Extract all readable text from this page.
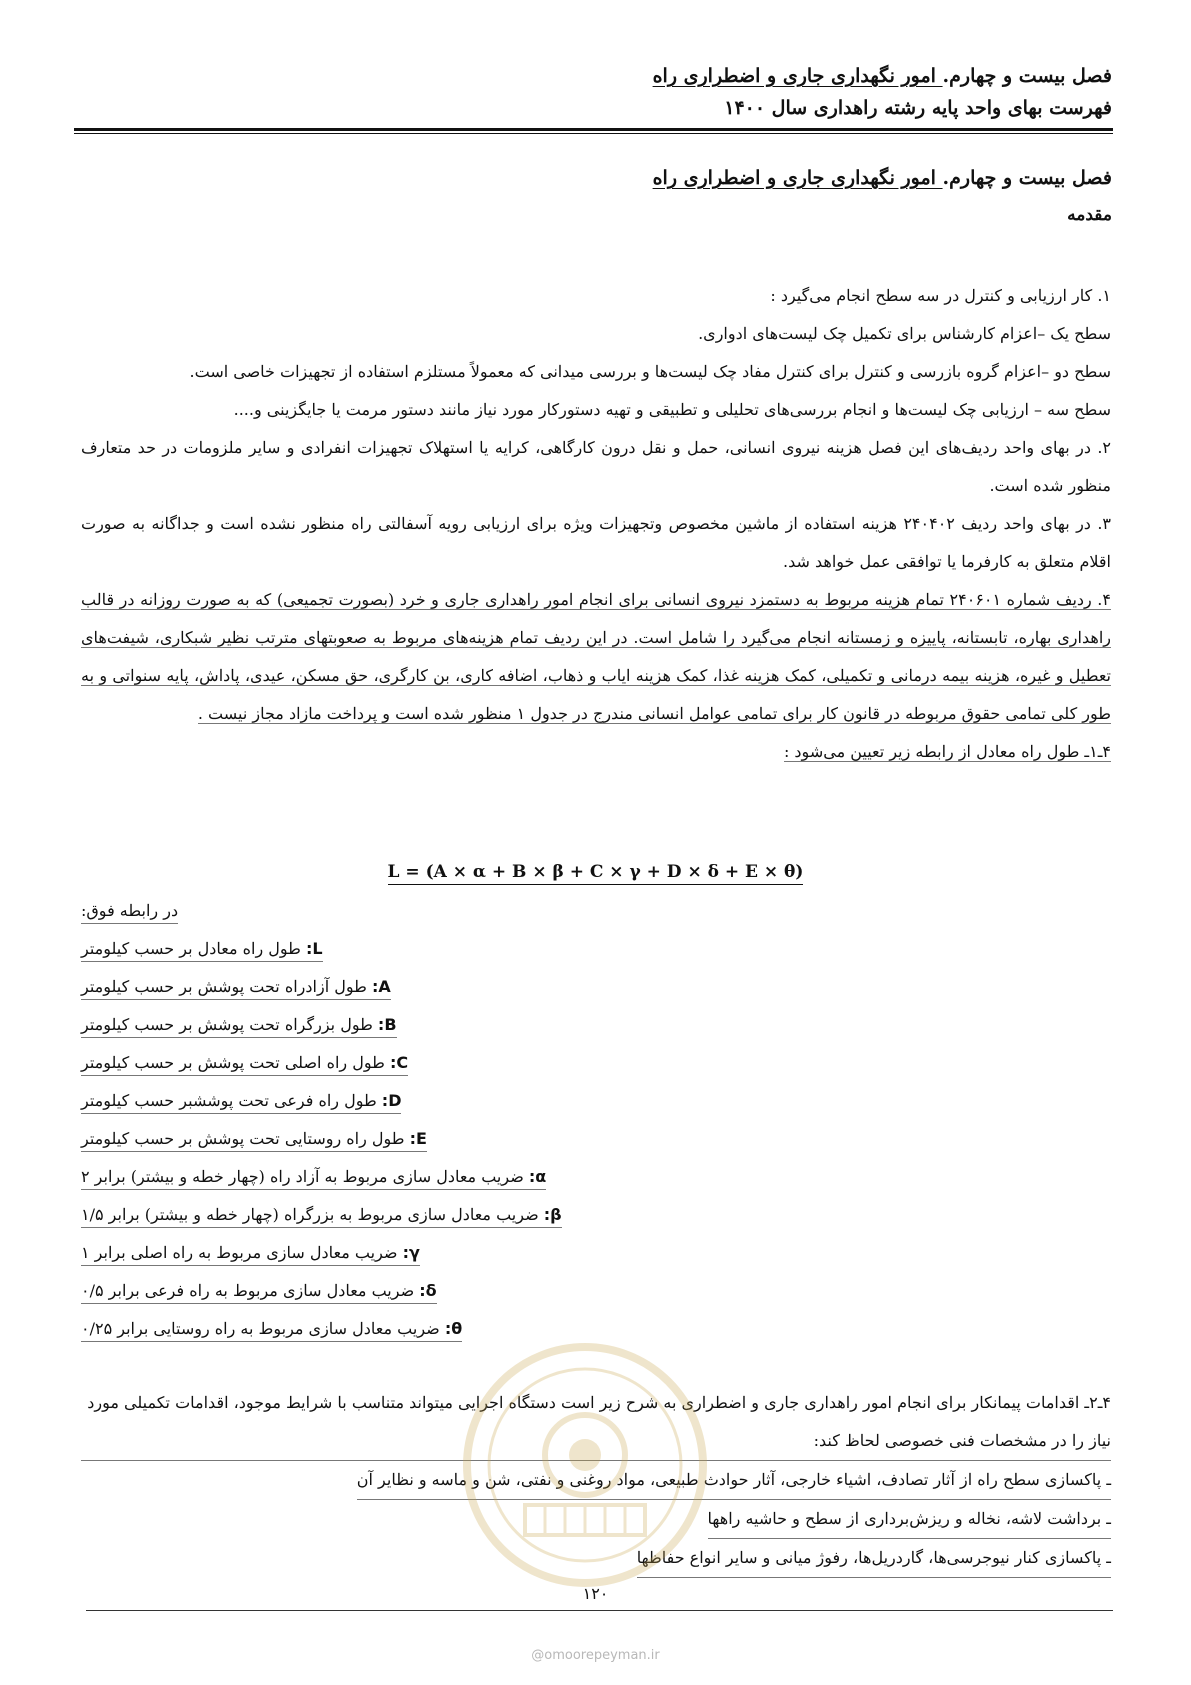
فصل بیست و چهارم. امور نگهداری جاری و اضطراری راه
فهرست بهای واحد پایه رشته راهداری سال ۱۴۰۰
فصل بیست و چهارم. امور نگهداری جاری و اضطراری راه
مقدمه

۱. کار ارزیابی و کنترل در سه سطح انجام می‌گیرد :

سطح یک –اعزام کارشناس برای تکمیل چک لیست‌های ادواری.

سطح دو –اعزام گروه بازرسی و کنترل برای کنترل مفاد چک لیست‌ها و بررسی میدانی که معمولاً مستلزم استفاده از تجهیزات خاصی است.

سطح سه – ارزیابی چک لیست‌ها و انجام بررسی‌های تحلیلی و تطبیقی و تهیه دستورکار مورد نیاز مانند دستور مرمت یا جایگزینی و....

۲. در بهای واحد ردیف‌های این فصل هزینه نیروی انسانی، حمل و نقل درون کارگاهی، کرایه یا استهلاک تجهیزات انفرادی و سایر ملزومات در حد متعارف منظور شده است.

۳. در بهای واحد ردیف ۲۴۰۴۰۲ هزینه استفاده از ماشین مخصوص وتجهیزات ویژه برای ارزیابی رویه آسفالتی راه منظور نشده است و جداگانه به صورت اقلام متعلق به کارفرما یا توافقی عمل خواهد شد.

۴. ردیف شماره ۲۴۰۶۰۱ تمام هزینه مربوط به دستمزد نیروی انسانی برای انجام امور راهداری جاری و خرد (بصورت تجمیعی) که به صورت روزانه در قالب راهداری بهاره، تابستانه، پاییزه و زمستانه انجام می‌گیرد را شامل است. در این ردیف تمام هزینه‌های مربوط به صعوبتهای مترتب نظیر شبکاری، شیفت‌های تعطیل و غیره، هزینه بیمه درمانی و تکمیلی، کمک هزینه غذا، کمک هزینه ایاب و ذهاب، اضافه کاری، بن کارگری، حق مسکن، عیدی، پاداش، پایه سنواتی و به طور کلی تمامی حقوق مربوطه در قانون کار برای تمامی عوامل انسانی مندرج در جدول ۱ منظور شده است و پرداخت مازاد مجاز نیست .

۴ـ۱ـ طول راه معادل از رابطه زیر تعیین می‌شود :

L = (A × α + B × β + C × γ + D × δ + E × θ)
در رابطه فوق:
L: طول راه معادل بر حسب کیلومتر
A: طول آزادراه تحت پوشش بر حسب کیلومتر
B: طول بزرگراه تحت پوشش بر حسب کیلومتر
C: طول راه اصلی تحت پوشش بر حسب کیلومتر
D: طول راه فرعی تحت پوششبر حسب کیلومتر
E: طول راه روستایی تحت پوشش بر حسب کیلومتر
α: ضریب معادل سازی مربوط به آزاد راه (چهار خطه و بیشتر) برابر ۲
β: ضریب معادل سازی مربوط به بزرگراه (چهار خطه و بیشتر) برابر ۱/۵
γ: ضریب معادل سازی مربوط به راه اصلی برابر ۱
δ: ضریب معادل سازی مربوط به راه فرعی برابر ۰/۵
θ: ضریب معادل سازی مربوط به راه روستایی برابر ۰/۲۵
۴ـ۲ـ اقدامات پیمانکار برای انجام امور راهداری جاری و اضطراری به شرح زیر است دستگاه اجرایی میتواند متناسب با شرایط موجود، اقدامات تکمیلی مورد نیاز را در مشخصات فنی خصوصی لحاظ کند:
ـ پاکسازی سطح راه از آثار تصادف، اشیاء خارجی، آثار حوادث طبیعی، مواد روغنی و نفتی، شن و ماسه و نظایر آن
ـ برداشت لاشه، نخاله و ریزش‌برداری از سطح و حاشیه راهها
ـ پاکسازی کنار نیوجرسی‌ها، گاردریل‌ها، رفوژ میانی و سایر انواع حفاظها
۱۲۰
@omoorepeyman.ir
